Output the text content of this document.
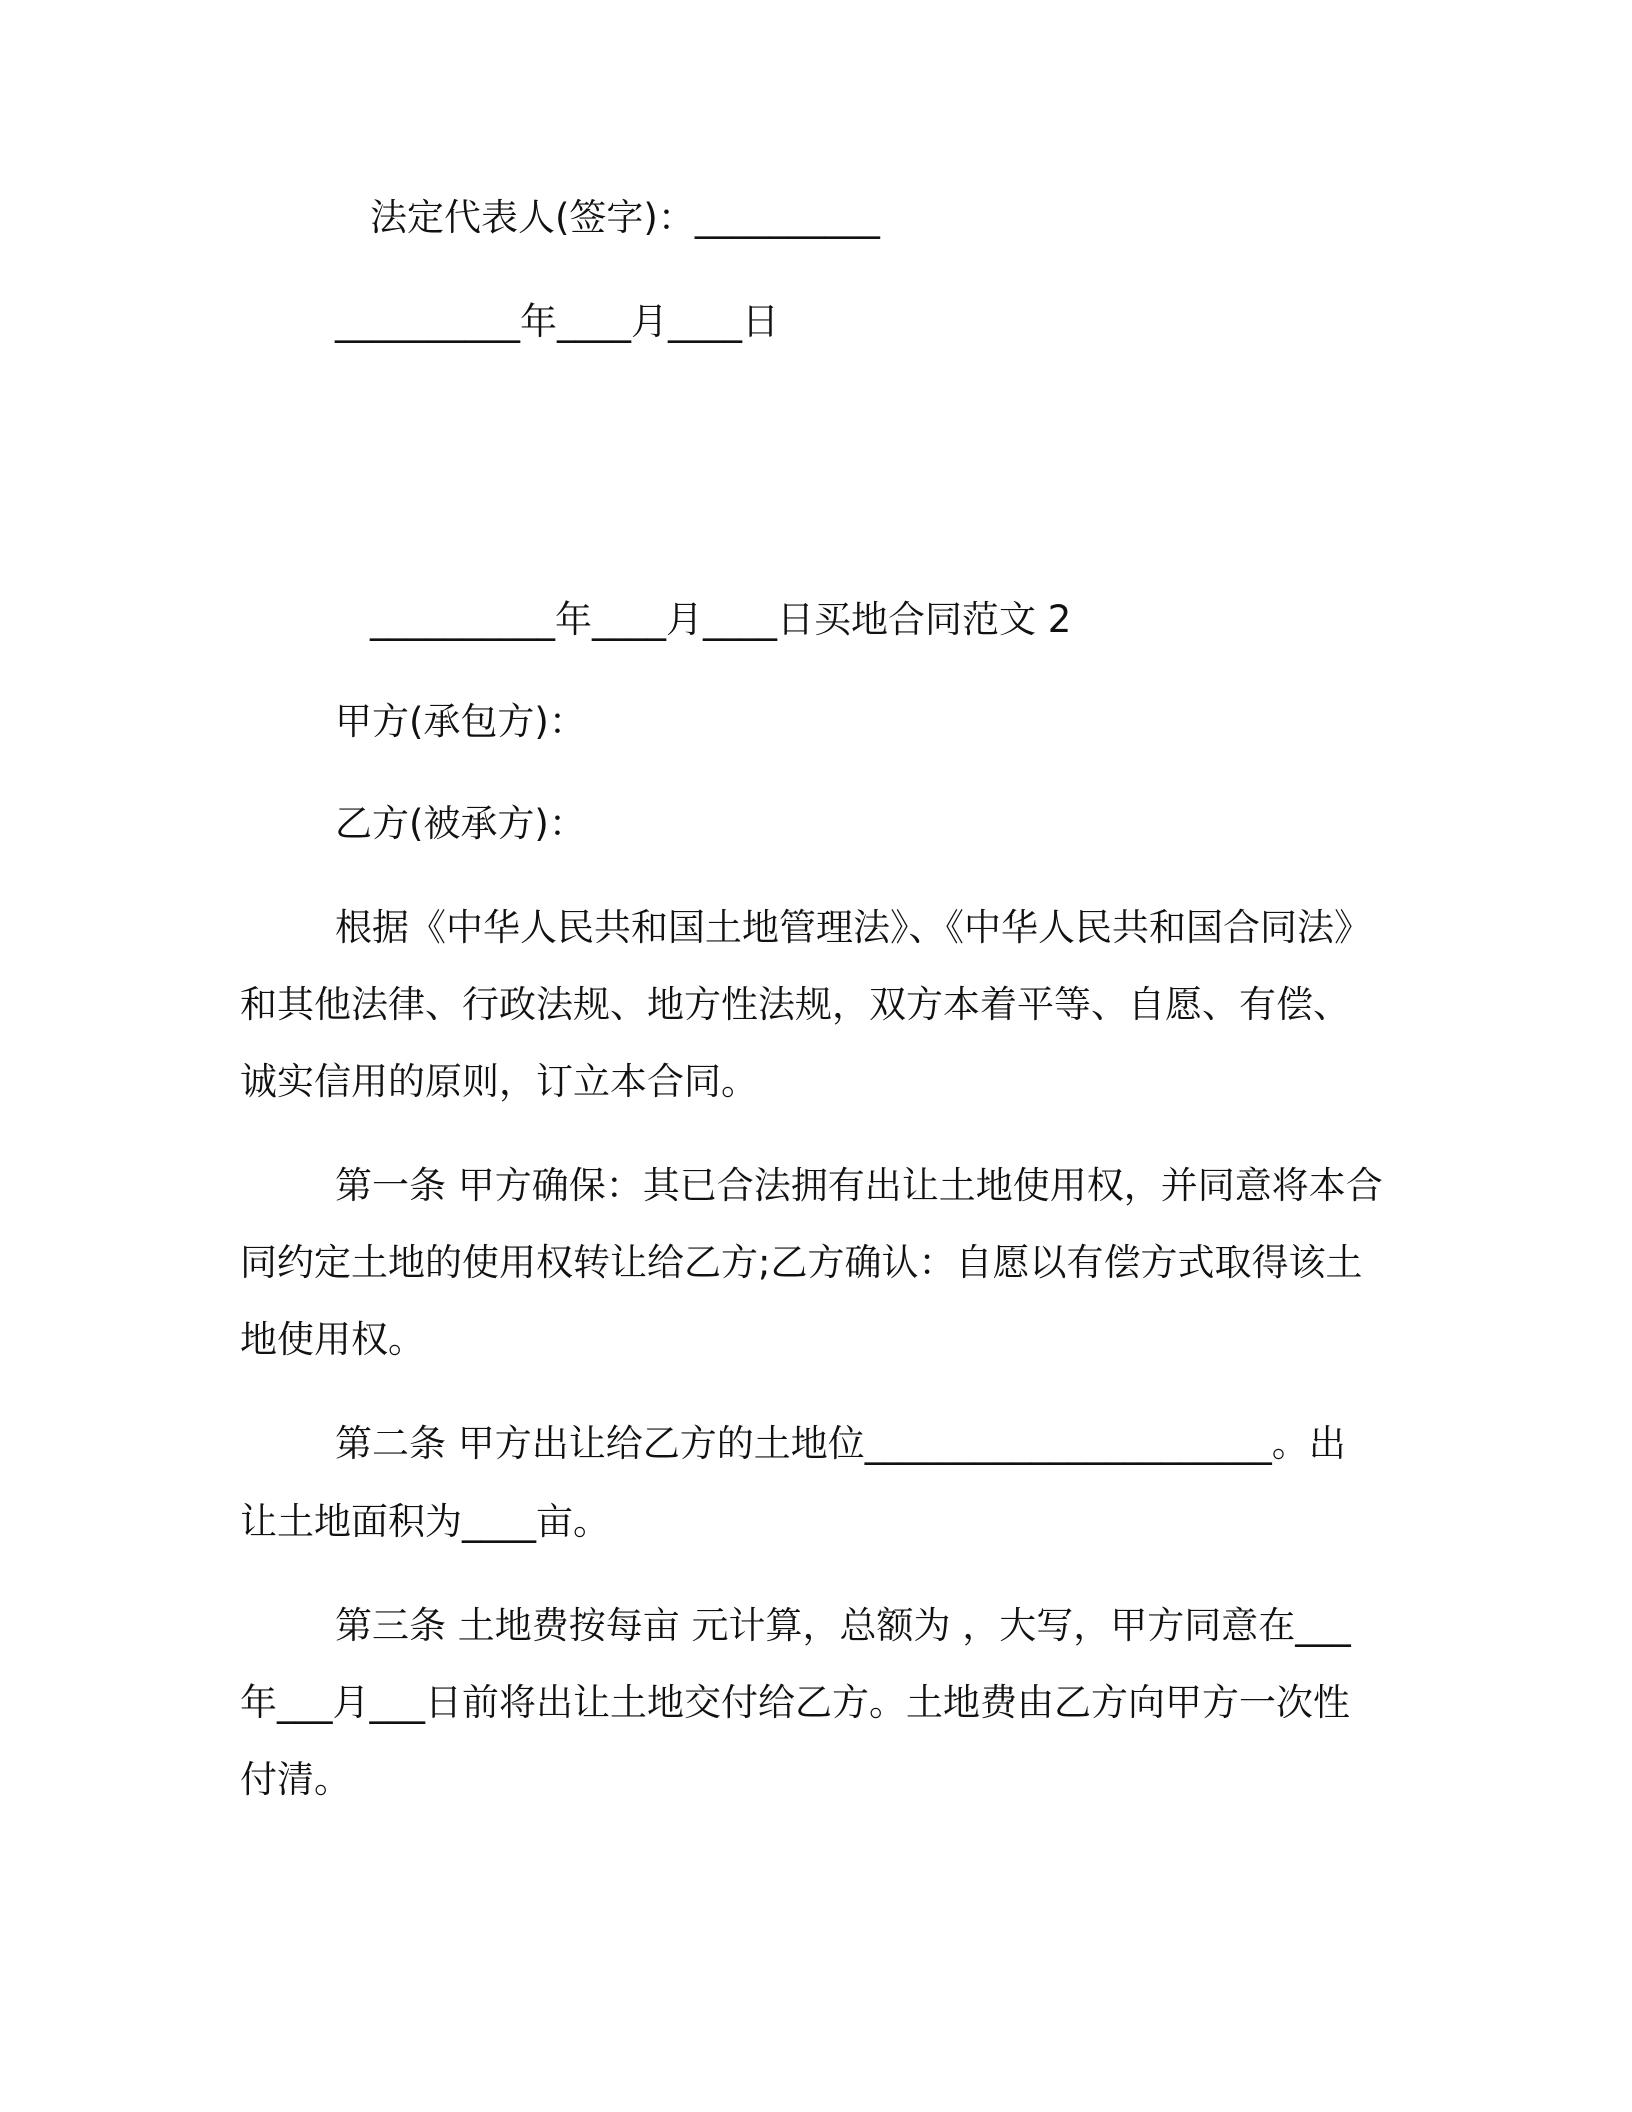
法定代表人(签字)：__________
__________年____月____日
__________年____月____日买地合同范文 2
甲方(承包方)：
乙方(被承方)：
根据《中华人民共和国土地管理法》、《中华人民共和国合同法》
和其他法律、行政法规、地方性法规，双方本着平等、自愿、有偿、
诚实信用的原则，订立本合同。
第一条 甲方确保：其已合法拥有出让土地使用权，并同意将本合
同约定土地的使用权转让给乙方;乙方确认：自愿以有偿方式取得该土
地使用权。
第二条 甲方出让给乙方的土地位______________________。出
让土地面积为____亩。
第三条 土地费按每亩 元计算，总额为 ，大写，甲方同意在___
年___月___日前将出让土地交付给乙方。土地费由乙方向甲方一次性
付清。
